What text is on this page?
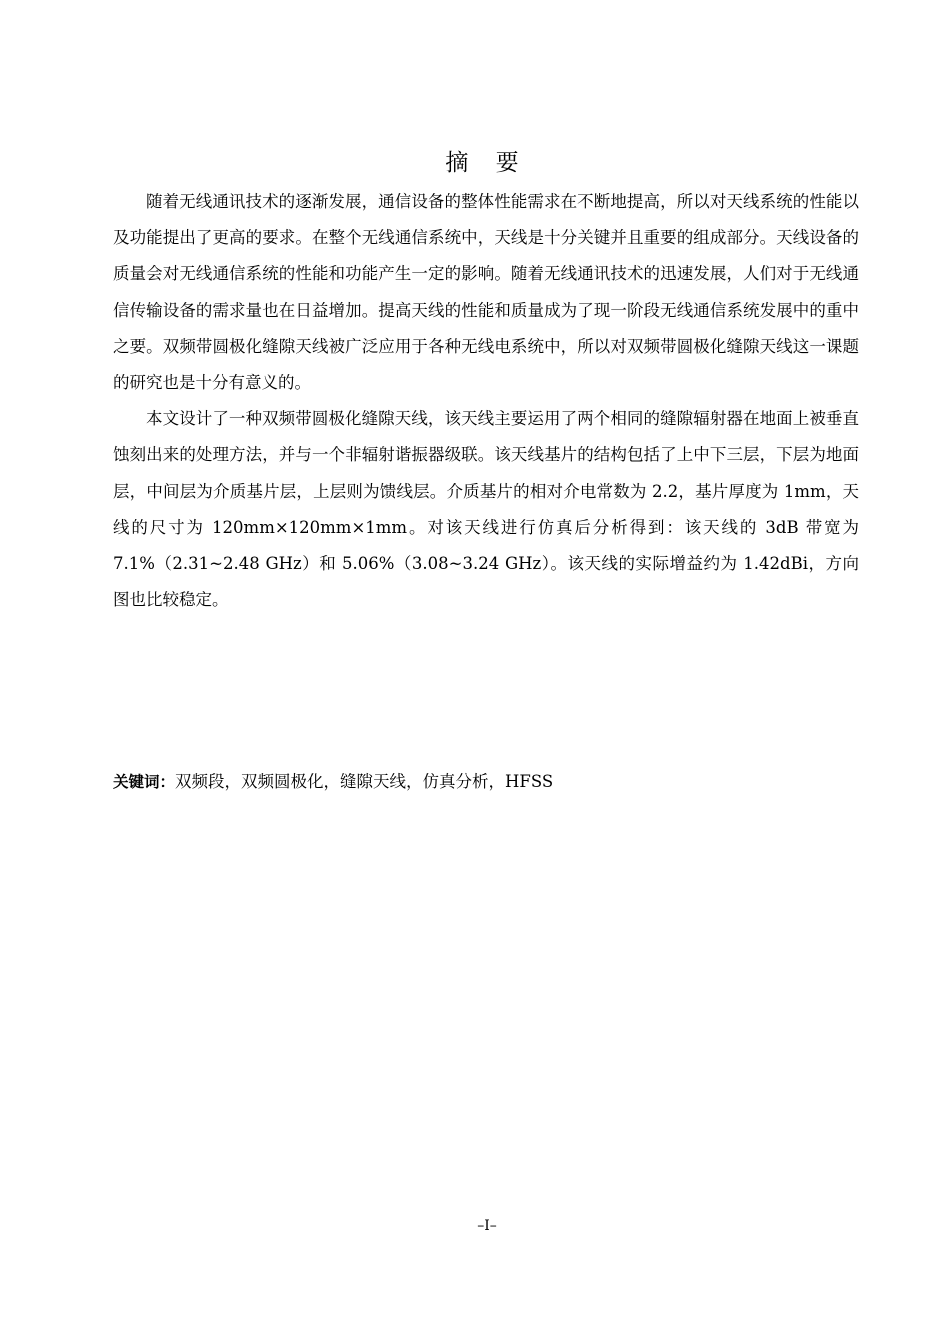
摘 要

随着无线通讯技术的逐渐发展，通信设备的整体性能需求在不断地提高，所以对天线系统的性能以及功能提出了更高的要求。在整个无线通信系统中，天线是十分关键并且重要的组成部分。天线设备的质量会对无线通信系统的性能和功能产生一定的影响。随着无线通讯技术的迅速发展，人们对于无线通信传输设备的需求量也在日益增加。提高天线的性能和质量成为了现一阶段无线通信系统发展中的重中之要。双频带圆极化缝隙天线被广泛应用于各种无线电系统中，所以对双频带圆极化缝隙天线这一课题的研究也是十分有意义的。

本文设计了一种双频带圆极化缝隙天线，该天线主要运用了两个相同的缝隙辐射器在地面上被垂直蚀刻出来的处理方法，并与一个非辐射谐振器级联。该天线基片的结构包括了上中下三层，下层为地面层，中间层为介质基片层，上层则为馈线层。介质基片的相对介电常数为 2.2，基片厚度为 1mm，天线的尺寸为 120mm×120mm×1mm。对该天线进行仿真后分析得到：该天线的 3dB 带宽为 7.1%（2.31~2.48 GHz）和 5.06%（3.08~3.24 GHz）。该天线的实际增益约为 1.42dBi，方向图也比较稳定。

关键词：双频段，双频圆极化，缝隙天线，仿真分析，HFSS
–I–
